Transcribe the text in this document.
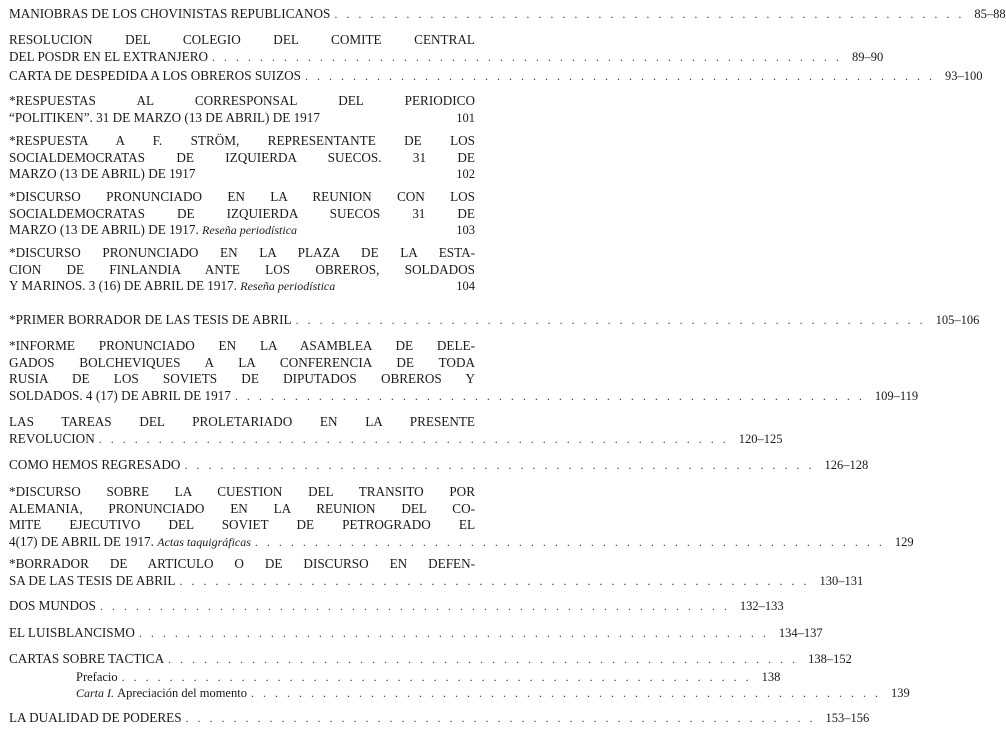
MANIOBRAS DE LOS CHOVINISTAS REPUBLICANOS . . . . . . . . . . . . . . . . . . . . . . . . . . . . . . . . . . . . . . . . . . . . . . . . . . . . . 85–88
RESOLUCION DEL COLEGIO DEL COMITE CENTRAL
DEL POSDR EN EL EXTRANJERO . . . . . . . . . . . . . . . . . . . . . . . . . . . . . . . . . . . . . . . . . . . . . . . . . . . . . 89–90
CARTA DE DESPEDIDA A LOS OBREROS SUIZOS . . . . . . . . . . . . . . . . . . . . . . . . . . . . . . . . . . . . . . . . . . . . . . . . . . . . . 93–100
*RESPUESTAS AL CORRESPONSAL DEL PERIODICO
“POLITIKEN”. 31 DE MARZO (13 DE ABRIL) DE 1917	101
*RESPUESTA A F. STRÖM, REPRESENTANTE DE LOS
SOCIALDEMOCRATAS DE IZQUIERDA SUECOS. 31 DE
MARZO (13 DE ABRIL) DE 1917	102
*DISCURSO PRONUNCIADO EN LA REUNION CON LOS
SOCIALDEMOCRATAS DE IZQUIERDA SUECOS 31 DE
MARZO (13 DE ABRIL) DE 1917.
Reseña periodística	103
*DISCURSO PRONUNCIADO EN LA PLAZA DE LA ESTA-
CION DE FINLANDIA ANTE LOS OBREROS, SOLDADOS
Y MARINOS. 3 (16) DE ABRIL DE 1917.
Reseña periodística	104
*PRIMER BORRADOR DE LAS TESIS DE ABRIL . . . . . . . . . . . . . . . . . . . . . . . . . . . . . . . . . . . . . . . . . . . . . . . . . . . . . 105–106
*INFORME PRONUNCIADO EN LA ASAMBLEA DE DELE-
GADOS BOLCHEVIQUES A LA CONFERENCIA DE TODA
RUSIA DE LOS SOVIETS DE DIPUTADOS OBREROS Y
SOLDADOS. 4 (17) DE ABRIL DE 1917 . . . . . . . . . . . . . . . . . . . . . . . . . . . . . . . . . . . . . . . . . . . . . . . . . . . . . 109–119
LAS TAREAS DEL PROLETARIADO EN LA PRESENTE
REVOLUCION . . . . . . . . . . . . . . . . . . . . . . . . . . . . . . . . . . . . . . . . . . . . . . . . . . . . . 120–125
COMO HEMOS REGRESADO . . . . . . . . . . . . . . . . . . . . . . . . . . . . . . . . . . . . . . . . . . . . . . . . . . . . . 126–128
*DISCURSO SOBRE LA CUESTION DEL TRANSITO POR
ALEMANIA, PRONUNCIADO EN LA REUNION DEL CO-
MITE EJECUTIVO DEL SOVIET DE PETROGRADO EL
4(17) DE ABRIL DE 1917.
Actas taquigráficas . . . . . . . . . . . . . . . . . . . . . . . . . . . . . . . . . . . . . . . . . . . . . . . . . . . . . 129
*BORRADOR DE ARTICULO O DE DISCURSO EN DEFEN-
SA DE LAS TESIS DE ABRIL . . . . . . . . . . . . . . . . . . . . . . . . . . . . . . . . . . . . . . . . . . . . . . . . . . . . . 130–131
DOS MUNDOS . . . . . . . . . . . . . . . . . . . . . . . . . . . . . . . . . . . . . . . . . . . . . . . . . . . . . 132–133
EL LUISBLANCISMO . . . . . . . . . . . . . . . . . . . . . . . . . . . . . . . . . . . . . . . . . . . . . . . . . . . . . 134–137
CARTAS SOBRE TACTICA . . . . . . . . . . . . . . . . . . . . . . . . . . . . . . . . . . . . . . . . . . . . . . . . . . . . . 138–152
Prefacio . . . . . . . . . . . . . . . . . . . . . . . . . . . . . . . . . . . . . . . . . . . . . . . . . . . . . 138
Carta I.
Apreciación del momento . . . . . . . . . . . . . . . . . . . . . . . . . . . . . . . . . . . . . . . . . . . . . . . . . . . . . 139
LA DUALIDAD DE PODERES . . . . . . . . . . . . . . . . . . . . . . . . . . . . . . . . . . . . . . . . . . . . . . . . . . . . . 153–156
